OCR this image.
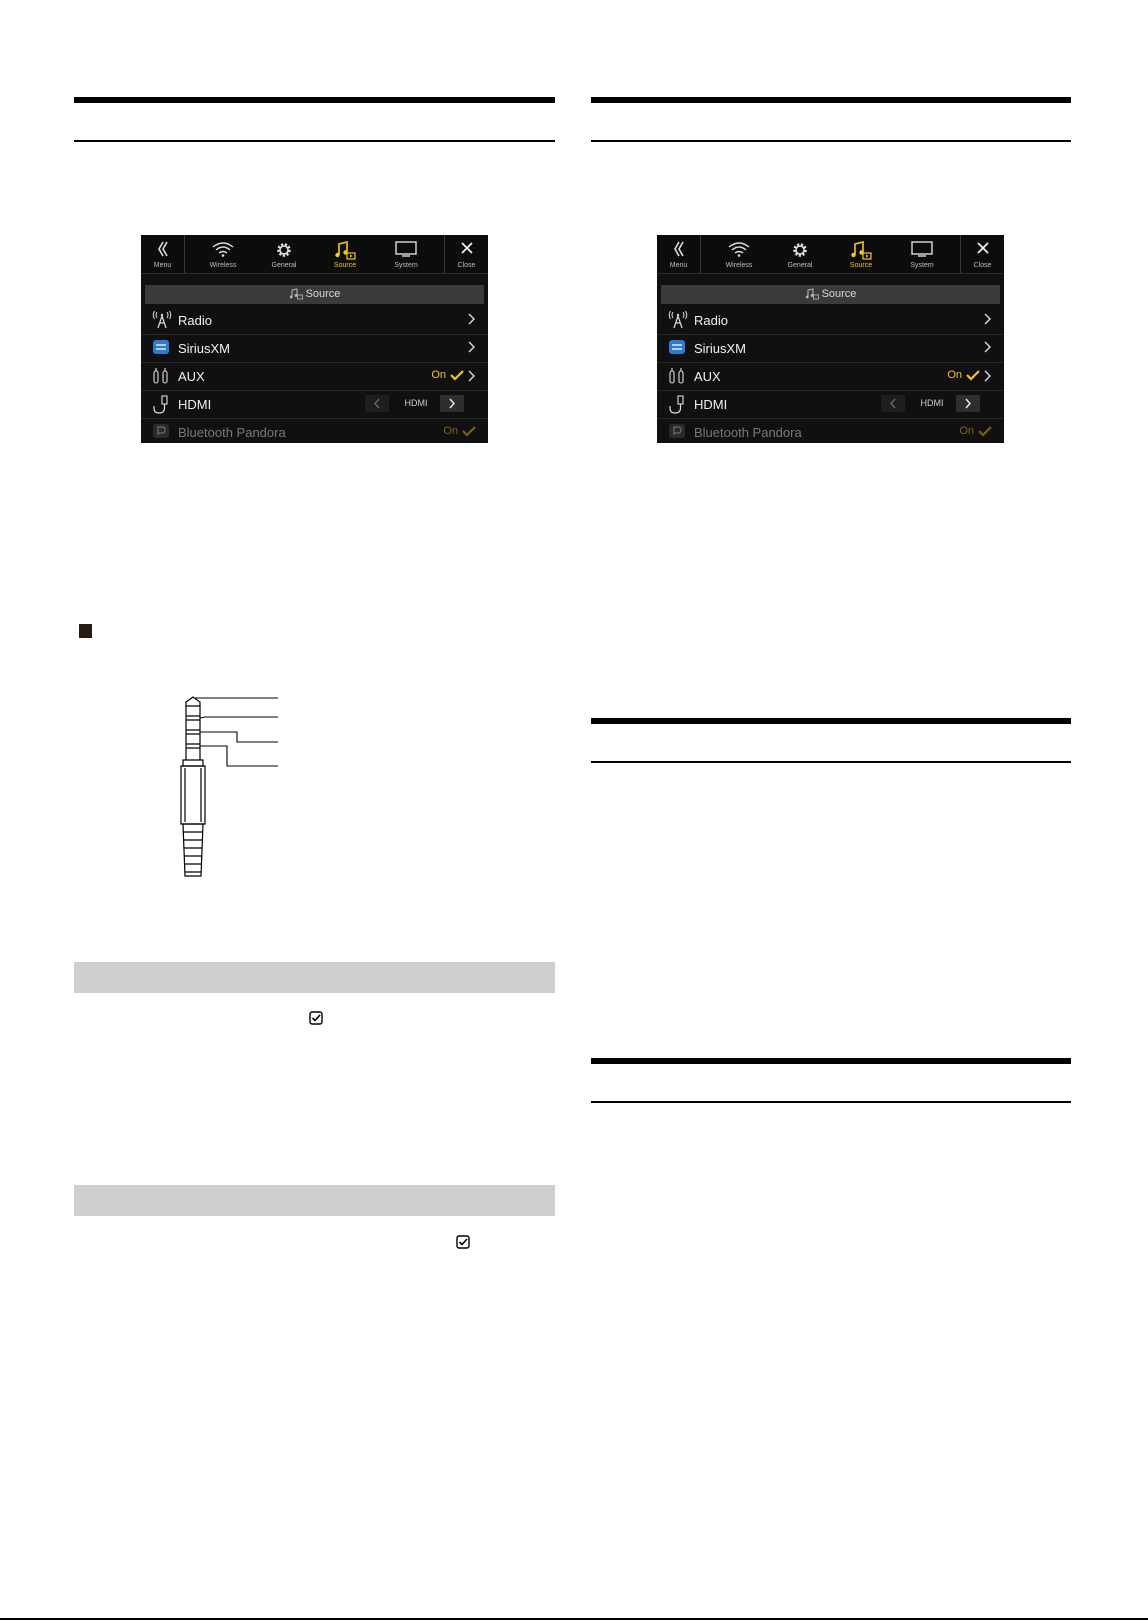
Menu	Wireless	General	Source	System	Close
Source
Radio
SiriusXM
AUX	On
HDMI	HDMI
Bluetooth Pandora	On
Menu	Wireless	General	Source	System	Close
Source
Radio
SiriusXM
AUX	On
HDMI	HDMI
Bluetooth Pandora	On
